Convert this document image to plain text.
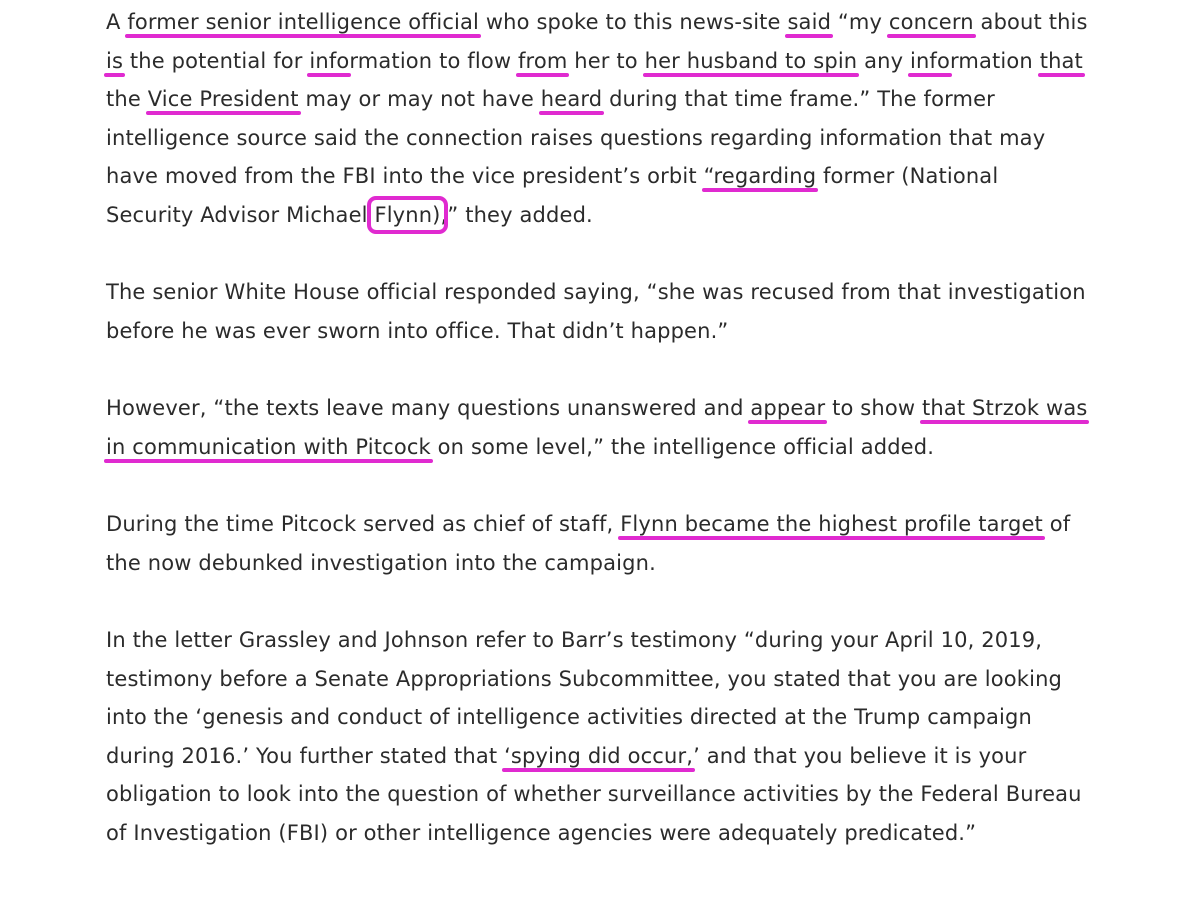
A former senior intelligence official who spoke to this news-site said “my concern about this
is the potential for information to flow from her to her husband to spin any information that
the Vice President may or may not have heard during that time frame.” The former
intelligence source said the connection raises questions regarding information that may
have moved from the FBI into the vice president’s orbit “regarding former (National
Security Advisor Michael Flynn),” they added.
The senior White House official responded saying, “she was recused from that investigation
before he was ever sworn into office. That didn’t happen.”
However, “the texts leave many questions unanswered and appear to show that Strzok was
in communication with Pitcock on some level,” the intelligence official added.
During the time Pitcock served as chief of staff, Flynn became the highest profile target of
the now debunked investigation into the campaign.
In the letter Grassley and Johnson refer to Barr’s testimony “during your April 10, 2019,
testimony before a Senate Appropriations Subcommittee, you stated that you are looking
into the ‘genesis and conduct of intelligence activities directed at the Trump campaign
during 2016.’ You further stated that ‘spying did occur,’ and that you believe it is your
obligation to look into the question of whether surveillance activities by the Federal Bureau
of Investigation (FBI) or other intelligence agencies were adequately predicated.”
